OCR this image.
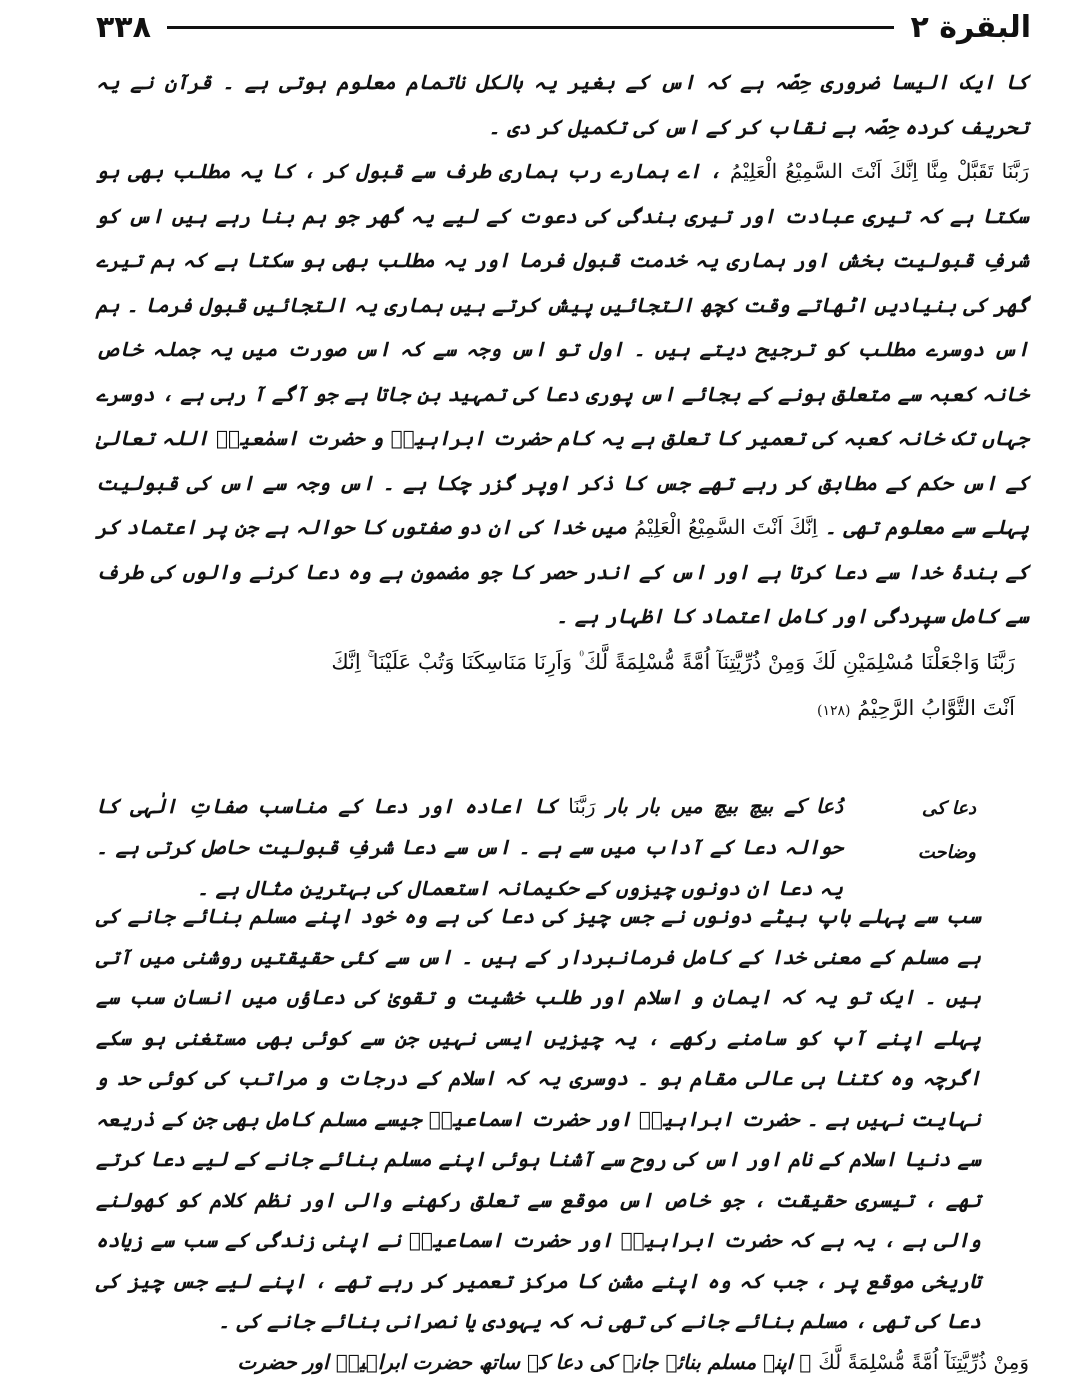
۳۳۸	البقرة ۲

کا ایک الیسا ضروری حِصّہ ہے کہ اس کے بغیر یہ بالکل ناتمام معلوم ہوتی ہے ۔ قرآن نے یہ تحریف کردہ حِصّہ بے نقاب کر کے اس کی تکمیل کر دی ۔

رَبَّنَا تَقَبَّلْ مِنَّا اِنَّكَ اَنْتَ السَّمِيْعُ الْعَلِيْمُ ، اے ہمارے رب ہماری طرف سے قبول کر ، کا یہ مطلب بھی ہو سکتا ہے کہ تیری عبادت اور تیری بندگی کی دعوت کے لیے یہ گھر جو ہم بنا رہے ہیں اس کو شرفِ قبولیت بخش اور ہماری یہ خدمت قبول فرما اور یہ مطلب بھی ہو سکتا ہے کہ ہم تیرے گھر کی بنیادیں اٹھاتے وقت کچھ التجائیں پیش کرتے ہیں ہماری یہ التجائیں قبول فرما ۔ ہم اس دوسرے مطلب کو ترجیح دیتے ہیں ۔ اول تو اس وجہ سے کہ اس صورت میں یہ جملہ خاص خانہ کعبہ سے متعلق ہونے کے بجائے اس پوری دعا کی تمہید بن جاتا ہے جو آگے آ رہی ہے ، دوسرے جہاں تک خانہ کعبہ کی تعمیر کا تعلق ہے یہ کام حضرت ابراہیمؑ و حضرت اسمٰعیلؑ اللہ تعالیٰ کے اس حکم کے مطابق کر رہے تھے جس کا ذکر اوپر گزر چکا ہے ۔ اس وجہ سے اس کی قبولیت پہلے سے معلوم تھی ۔ اِنَّكَ اَنْتَ السَّمِيْعُ الْعَلِيْمُ میں خدا کی ان دو صفتوں کا حوالہ ہے جن پر اعتماد کر کے بندۂ خدا سے دعا کرتا ہے اور اس کے اندر حصر کا جو مضمون ہے وہ دعا کرنے والوں کی طرف سے کامل سپردگی اور کامل اعتماد کا اظہار ہے ۔

رَبَّنَا وَاجْعَلْنَا مُسْلِمَيْنِ لَكَ وَمِنْ ذُرِّيَّتِنَآ اُمَّةً مُّسْلِمَةً لَّكَ ۠ وَاَرِنَا مَنَاسِكَنَا وَتُبْ عَلَيْنَا ۚ اِنَّكَ
اَنْتَ التَّوَّابُ الرَّحِيْمُ (۱۲۸)

دعا کی وضاحت
دُعا کے بیچ بیچ میں بار بار رَبَّنَا کا اعادہ اور دعا کے مناسب صفاتِ الٰہی کا حوالہ دعا کے آداب میں سے ہے ۔ اس سے دعا شرفِ قبولیت حاصل کرتی ہے ۔ یہ دعا ان دونوں چیزوں کے حکیمانہ استعمال کی بہترین مثال ہے ۔

سب سے پہلے باپ بیٹے دونوں نے جس چیز کی دعا کی ہے وہ خود اپنے مسلم بنائے جانے کی ہے مسلم کے معنی خدا کے کامل فرمانبردار کے ہیں ۔ اس سے کئی حقیقتیں روشنی میں آتی ہیں ۔ ایک تو یہ کہ ایمان و اسلام اور طلب خشیت و تقویٰ کی دعاؤں میں انسان سب سے پہلے اپنے آپ کو سامنے رکھے ، یہ چیزیں ایسی نہیں جن سے کوئی بھی مستغنی ہو سکے اگرچہ وہ کتنا ہی عالی مقام ہو ۔ دوسری یہ کہ اسلام کے درجات و مراتب کی کوئی حد و نہایت نہیں ہے ۔ حضرت ابراہیمؑ اور حضرت اسماعیلؑ جیسے مسلم کامل بھی جن کے ذریعہ سے دنیا اسلام کے نام اور اس کی روح سے آشنا ہوئی اپنے مسلم بنائے جانے کے لیے دعا کرتے تھے ، تیسری حقیقت ، جو خاص اس موقع سے تعلق رکھنے والی اور نظم کلام کو کھولنے والی ہے ، یہ ہے کہ حضرت ابراہیمؑ اور حضرت اسماعیلؑ نے اپنی زندگی کے سب سے زیادہ تاریخی موقع پر ، جب کہ وہ اپنے مشن کا مرکز تعمیر کر رہے تھے ، اپنے لیے جس چیز کی دعا کی تھی ، مسلم بنائے جانے کی تھی نہ کہ یہودی یا نصرانی بنائے جانے کی ۔

وَمِنْ ذُرِّيَّتِنَآ اُمَّةً مُّسْلِمَةً لَّكَ ۔ اپنے مسلم بنائے جانے کی دعا کے ساتھ حضرت ابراہیمؑ اور حضرت
